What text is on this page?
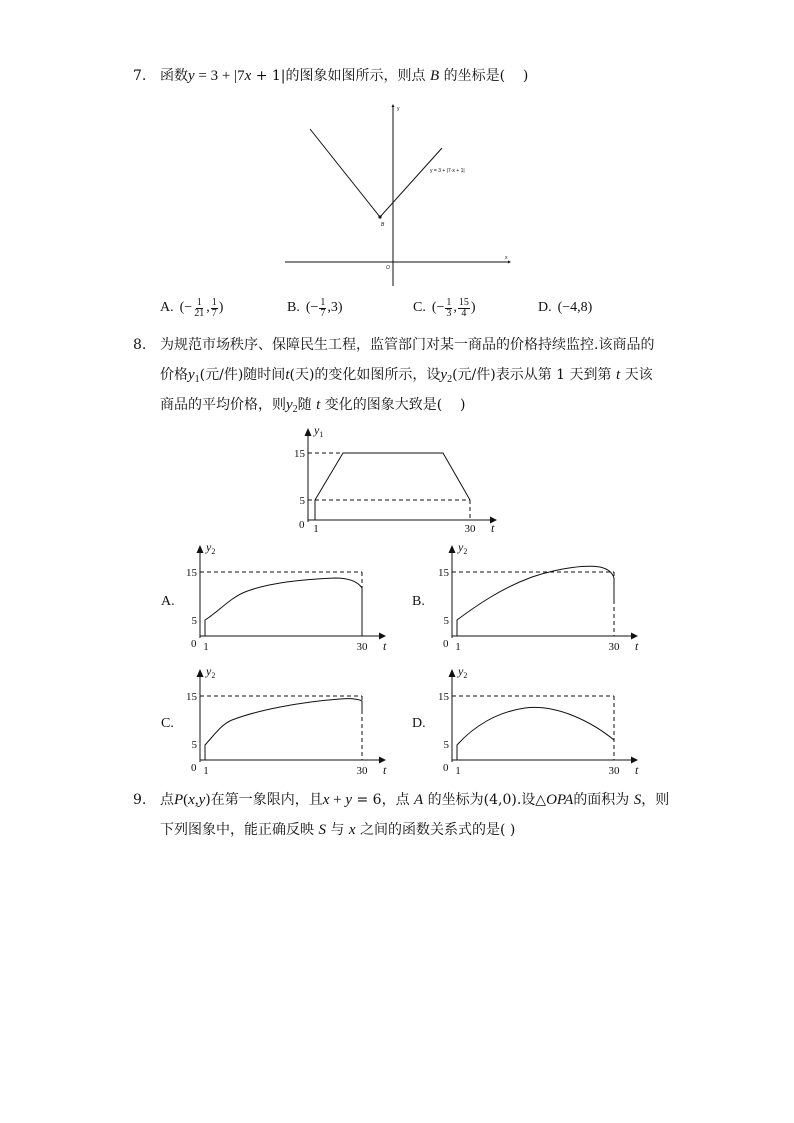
7. 函数 y = 3 + |7 x + 1|的图象如图所示，则点 B 的坐标是(    )
A. (− $\frac{1}{21}$ , $\frac{1}{7}$ )	B. (− $\frac{1}{7} ,3$)	C. (− $\frac{1}{3}$ , $\frac{15}{4}$ )	D. (−4,8)
8. 为规范市场秩序、保障民生工程，监管部门对某一商品的价格持续监控.该商品的
价格 $y_1$ (元/件)随时间 t (天)的变化如图所示，设 $y_2$ (元/件)表示从第 1 天到第 t 天该
商品的平均价格，则 $y_2$ 随 t 变化的图象大致是(    )
9. 点 P ( x , y )在第一象限内，且 x + y = 6，点 A 的坐标为(4,0).设△ OPA 的面积为 S ，则
下列图象中，能正确反映 S 与 x 之间的函数关系式的是( )
y
x
y = 3 + |7·x + 1|
B
O
$y_1$
15
5
0 1	30 t
A.	B.
C.	D.
$y_2$
15
5
0 1	30 t
$y_2$
15
5
0 1	30 t
$y_2$
15
5
0 1	30 t
$y_2$
15
5
0 1	30 t
